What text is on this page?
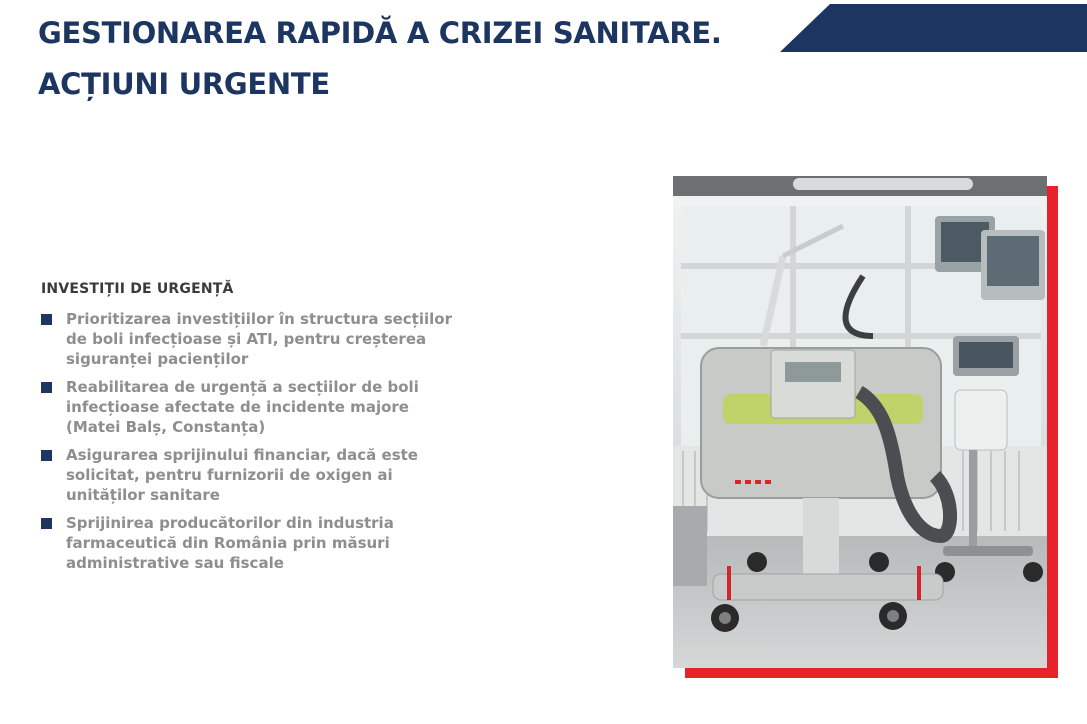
GESTIONAREA RAPIDĂ A CRIZEI SANITARE.
ACȚIUNI URGENTE
INVESTIȚII DE URGENȚĂ
Prioritizarea investițiilor în structura secțiilor
de boli infecțioase și ATI, pentru creșterea
siguranței pacienților
Reabilitarea de urgență a secțiilor de boli
infecțioase afectate de incidente majore
(Matei Balș, Constanța)
Asigurarea sprijinului financiar, dacă este
solicitat, pentru furnizorii de oxigen ai
unităților sanitare
Sprijinirea producătorilor din industria
farmaceutică din România prin măsuri
administrative sau fiscale
